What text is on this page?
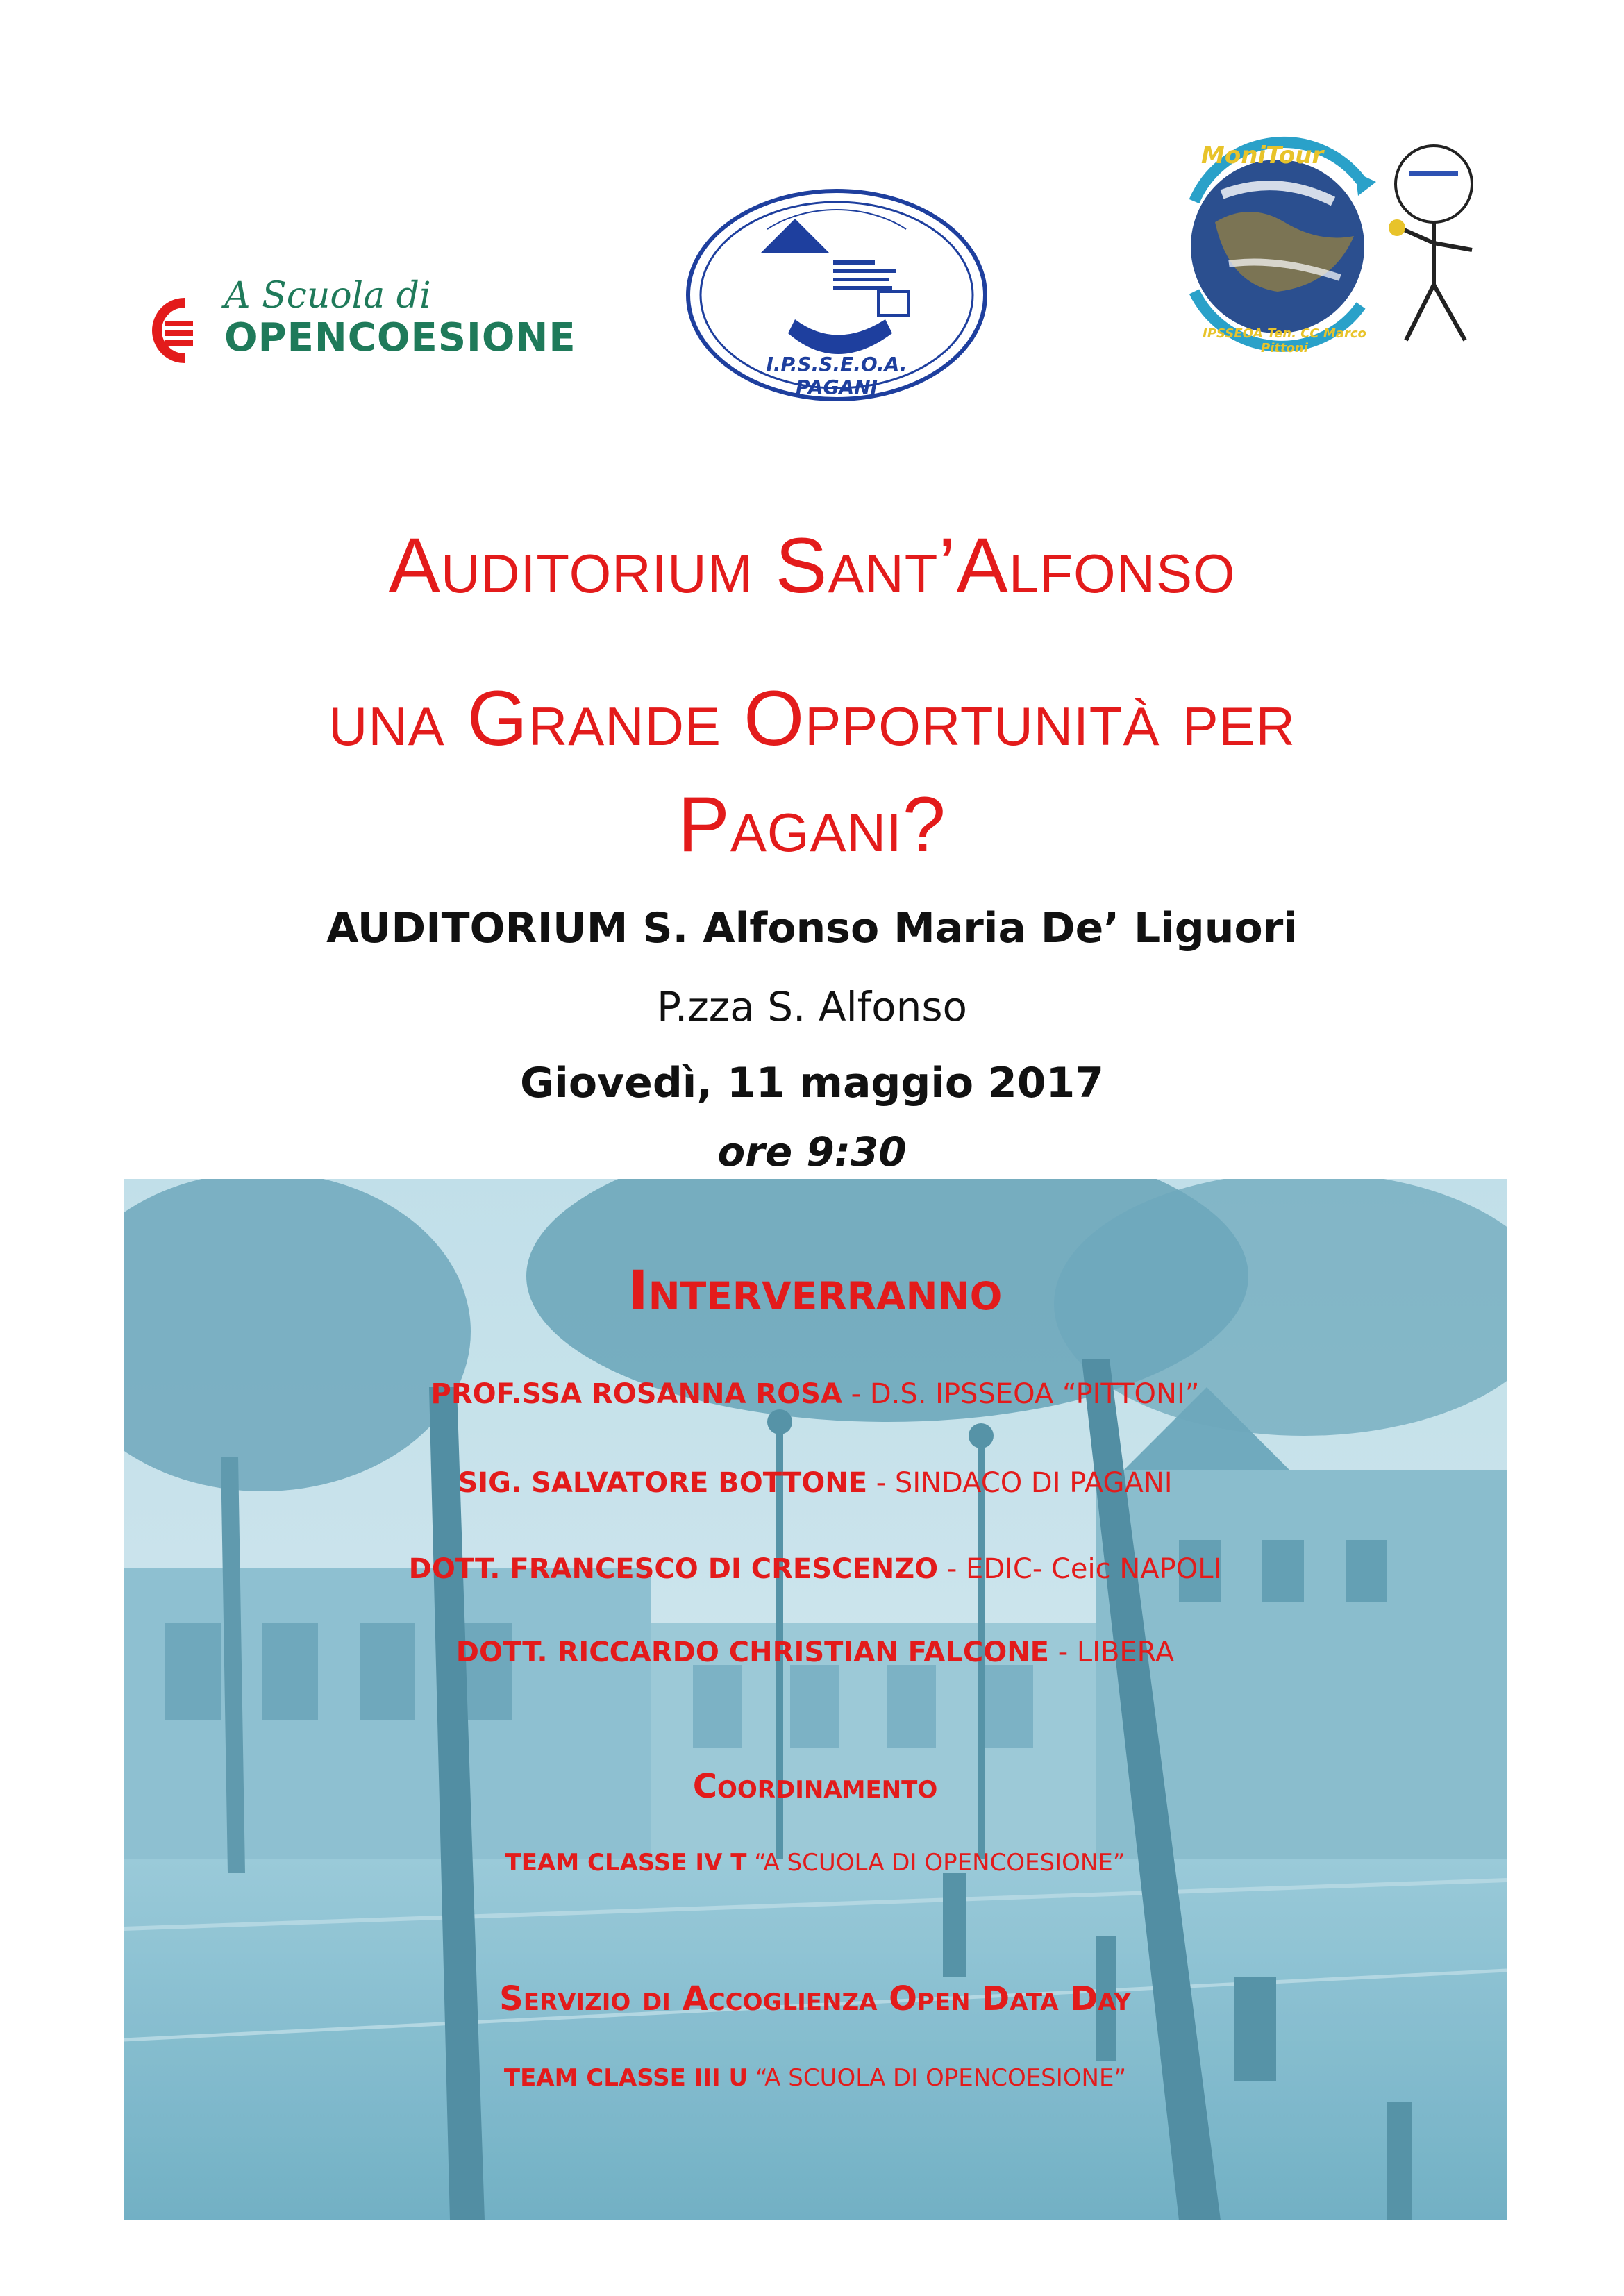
A Scuola di
OPENCOESIONE
I.P.S.S.E.O.A. PAGANI
MoniTour
IPSSEOA Ten. CC Marco Pittoni
Auditorium Sant’Alfonso
una Grande Opportunità per
Pagani?
AUDITORIUM S. Alfonso Maria De’ Liguori
P.zza S. Alfonso
Giovedì, 11 maggio 2017
ore 9:30
Interverranno
PROF.SSA ROSANNA ROSA - D.S. IPSSEOA “PITTONI”
SIG. SALVATORE BOTTONE - SINDACO DI PAGANI
DOTT. FRANCESCO DI CRESCENZO - EDIC- Ceic NAPOLI
DOTT. RICCARDO CHRISTIAN FALCONE - LIBERA
Coordinamento
TEAM CLASSE IV T “A SCUOLA DI OPENCOESIONE”
Servizio di Accoglienza Open Data Day
TEAM CLASSE III U “A SCUOLA DI OPENCOESIONE”
